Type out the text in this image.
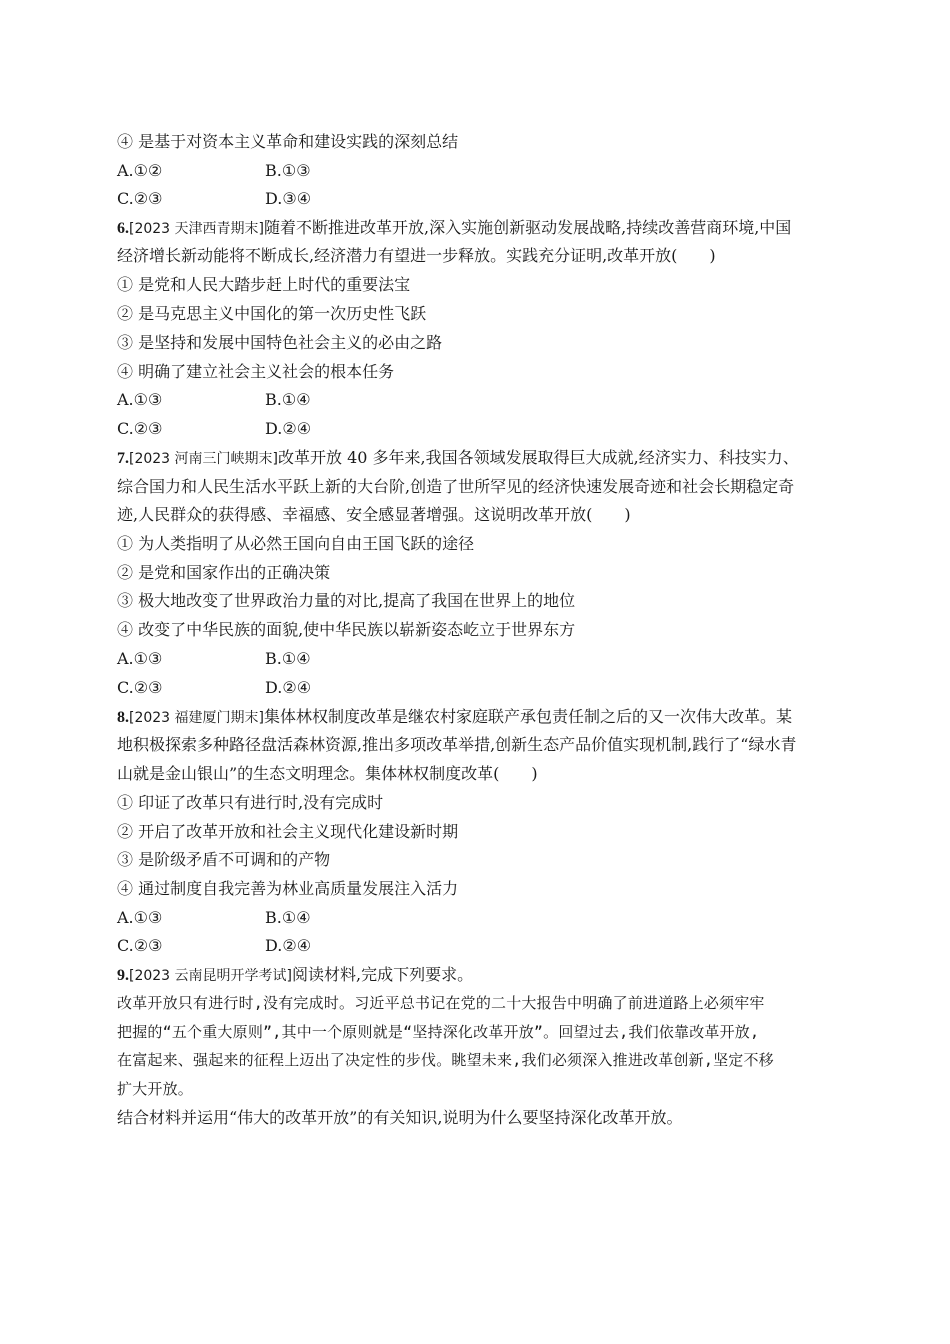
④ 是基于对资本主义革命和建设实践的深刻总结
A.①②	B.①③
C.②③	D.③④
6.[2023 天津西青期末]随着不断推进改革开放,深入实施创新驱动发展战略,持续改善营商环境,中国
经济增长新动能将不断成长,经济潜力有望进一步释放。实践充分证明,改革开放(　　)
① 是党和人民大踏步赶上时代的重要法宝
② 是马克思主义中国化的第一次历史性飞跃
③ 是坚持和发展中国特色社会主义的必由之路
④ 明确了建立社会主义社会的根本任务
A.①③	B.①④
C.②③	D.②④
7.[2023 河南三门峡期末]改革开放 40 多年来,我国各领域发展取得巨大成就,经济实力、科技实力、
综合国力和人民生活水平跃上新的大台阶,创造了世所罕见的经济快速发展奇迹和社会长期稳定奇
迹,人民群众的获得感、幸福感、安全感显著增强。这说明改革开放(　　)
① 为人类指明了从必然王国向自由王国飞跃的途径
② 是党和国家作出的正确决策
③ 极大地改变了世界政治力量的对比,提高了我国在世界上的地位
④ 改变了中华民族的面貌,使中华民族以崭新姿态屹立于世界东方
A.①③	B.①④
C.②③	D.②④
8.[2023 福建厦门期末]集体林权制度改革是继农村家庭联产承包责任制之后的又一次伟大改革。某
地积极探索多种路径盘活森林资源,推出多项改革举措,创新生态产品价值实现机制,践行了“绿水青
山就是金山银山”的生态文明理念。集体林权制度改革(　　)
① 印证了改革只有进行时,没有完成时
② 开启了改革开放和社会主义现代化建设新时期
③ 是阶级矛盾不可调和的产物
④ 通过制度自我完善为林业高质量发展注入活力
A.①③	B.①④
C.②③	D.②④
9.[2023 云南昆明开学考试]阅读材料,完成下列要求。
改革开放只有进行时,没有完成时。习近平总书记在党的二十大报告中明确了前进道路上必须牢牢
把握的“五个重大原则”,其中一个原则就是“坚持深化改革开放”。回望过去,我们依靠改革开放,
在富起来、强起来的征程上迈出了决定性的步伐。眺望未来,我们必须深入推进改革创新,坚定不移
扩大开放。
结合材料并运用“伟大的改革开放”的有关知识,说明为什么要坚持深化改革开放。
